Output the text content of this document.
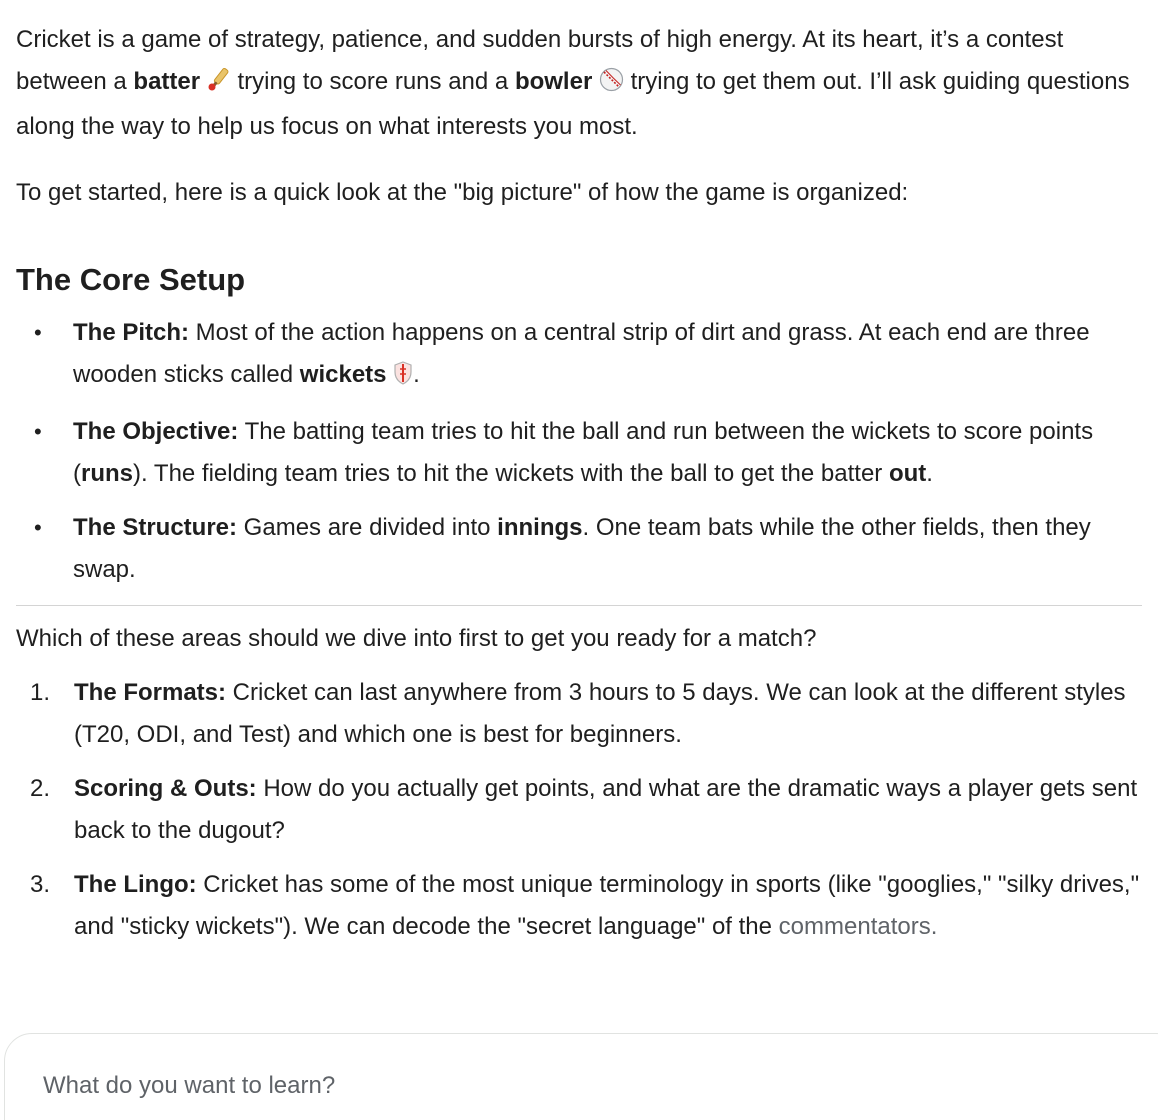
Cricket is a game of strategy, patience, and sudden bursts of high energy. At its heart, it’s a contest between a batter  trying to score runs and a bowler  trying to get them out. I’ll ask guiding questions along the way to help us focus on what interests you most.

To get started, here is a quick look at the "big picture" of how the game is organized:

The Core Setup
• The Pitch: Most of the action happens on a central strip of dirt and grass. At each end are three wooden sticks called wickets .
• The Objective: The batting team tries to hit the ball and run between the wickets to score points (runs). The fielding team tries to hit the wickets with the ball to get the batter out.
• The Structure: Games are divided into innings. One team bats while the other fields, then they swap.

Which of these areas should we dive into first to get you ready for a match?

1. The Formats: Cricket can last anywhere from 3 hours to 5 days. We can look at the different styles (T20, ODI, and Test) and which one is best for beginners.
2. Scoring & Outs: How do you actually get points, and what are the dramatic ways a player gets sent back to the dugout?
3. The Lingo: Cricket has some of the most unique terminology in sports (like "googlies," "silky drives," and "sticky wickets"). We can decode the "secret language" of the commentators.
What do you want to learn?
